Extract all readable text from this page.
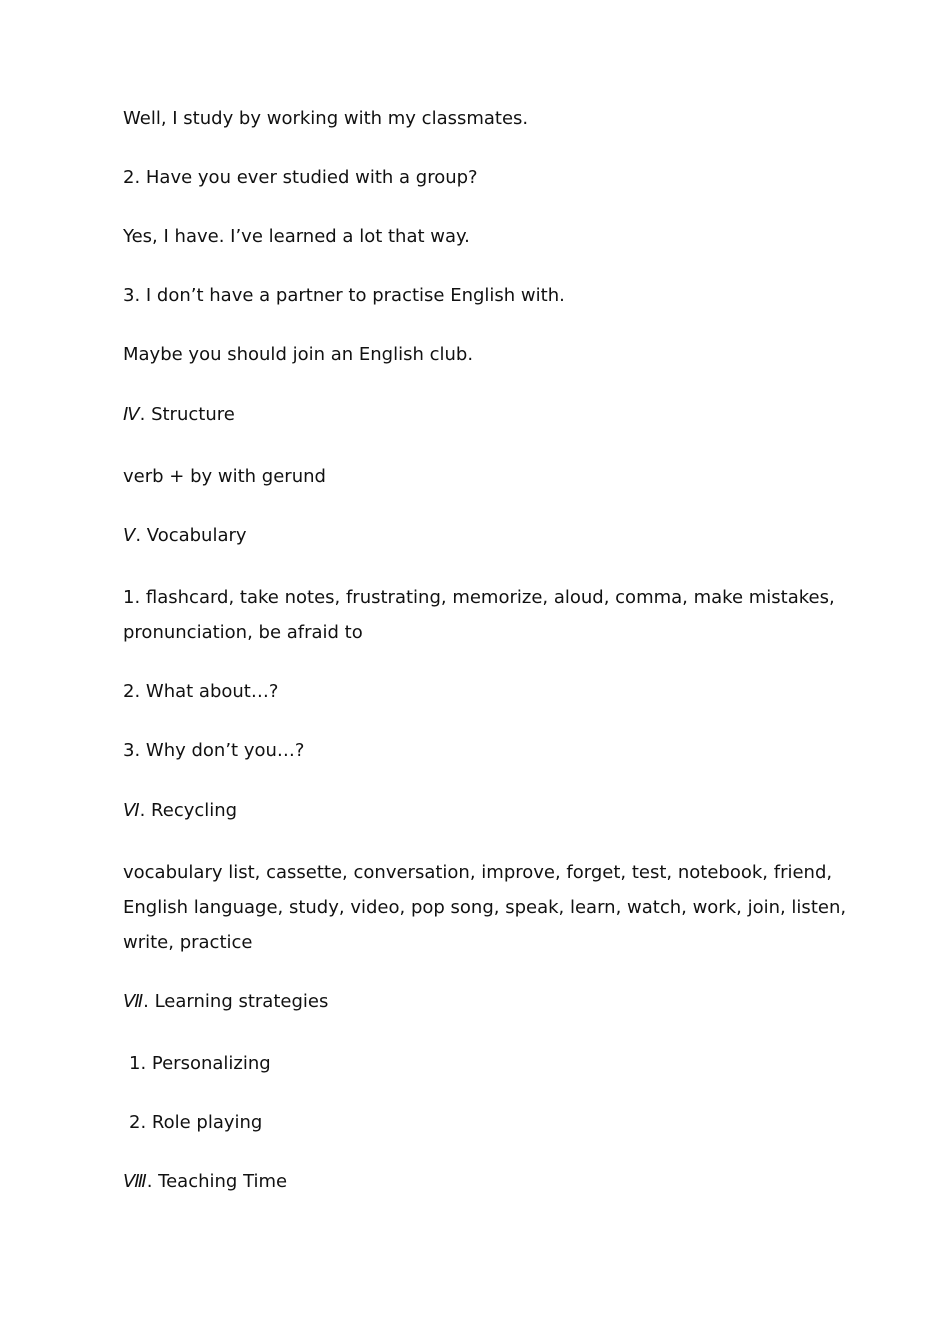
Well, I study by working with my classmates.
2. Have you ever studied with a group?
Yes, I have. I’ve learned a lot that way.
3. I don’t have a partner to practise English with.
Maybe you should join an English club.
Ⅳ. Structure
verb + by with gerund
Ⅴ. Vocabulary
1. flashcard, take notes, frustrating, memorize, aloud, comma, make mistakes,
pronunciation, be afraid to
2. What about…?
3. Why don’t you…?
Ⅵ. Recycling
vocabulary list, cassette, conversation, improve, forget, test, notebook, friend,
English language, study, video, pop song, speak, learn, watch, work, join, listen,
write, practice
Ⅶ. Learning strategies
1. Personalizing
2. Role playing
Ⅷ. Teaching Time
